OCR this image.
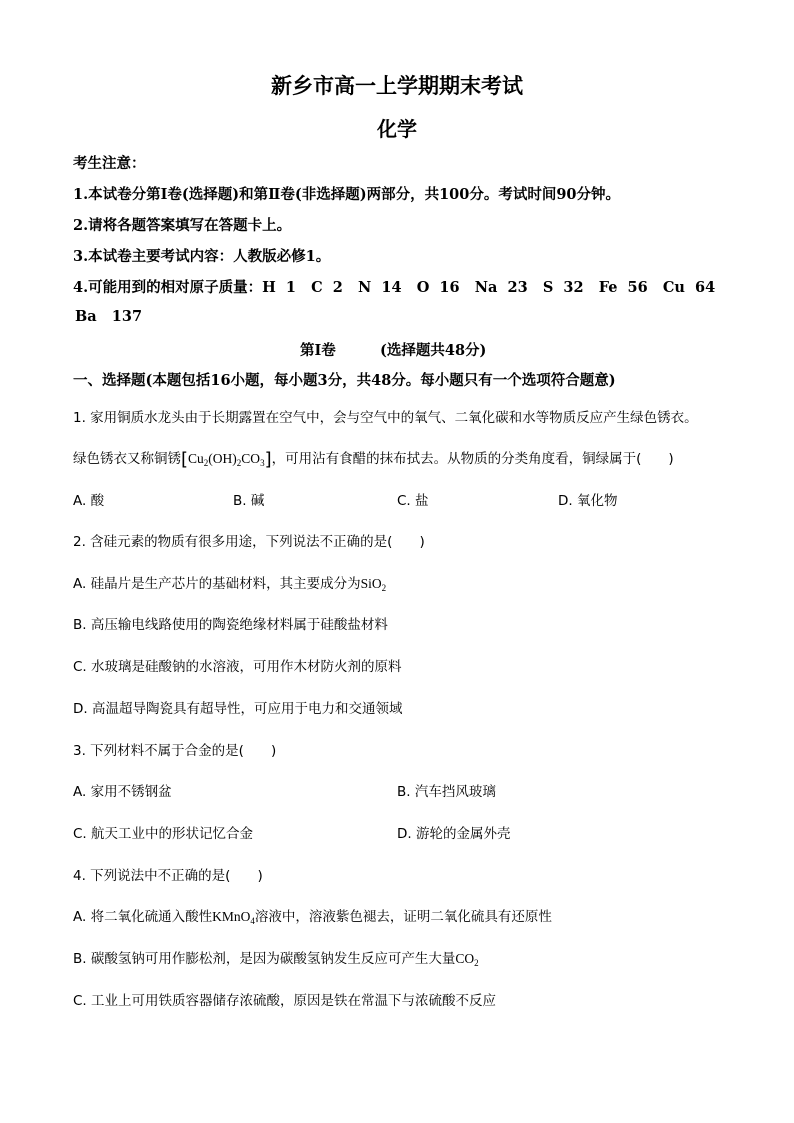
新乡市高一上学期期末考试
化学
考生注意：
1.本试卷分第Ⅰ卷(选择题)和第Ⅱ卷(非选择题)两部分，共100分。考试时间90分钟。
2.请将各题答案填写在答题卡上。
3.本试卷主要考试内容：人教版必修1。
4.可能用到的相对原子质量：H  1   C  2   N  14   O  16   Na  23   S  32   Fe  56   Cu  64
Ba   137
第Ⅰ卷	(选择题共48分)
一、选择题(本题包括16小题，每小题3分，共48分。每小题只有一个选项符合题意)
1. 家用铜质水龙头由于长期露置在空气中，会与空气中的氧气、二氧化碳和水等物质反应产生绿色锈衣。
绿色锈衣又称铜锈$[Cu_2(OH)_2CO_3]$，可用沾有食醋的抹布拭去。从物质的分类角度看，铜绿属于(　　)
A. 酸	B. 碱	C. 盐	D. 氧化物
2. 含硅元素的物质有很多用途，下列说法不正确的是(　　)
A. 硅晶片是生产芯片的基础材料，其主要成分为SiO$_2$
B. 高压输电线路使用的陶瓷绝缘材料属于硅酸盐材料
C. 水玻璃是硅酸钠的水溶液，可用作木材防火剂的原料
D. 高温超导陶瓷具有超导性，可应用于电力和交通领域
3. 下列材料不属于合金的是(　　)
A. 家用不锈钢盆	B. 汽车挡风玻璃
C. 航天工业中的形状记忆合金	D. 游轮的金属外壳
4. 下列说法中不正确的是(　　)
A. 将二氧化硫通入酸性KMnO$_4$溶液中，溶液紫色褪去，证明二氧化硫具有还原性
B. 碳酸氢钠可用作膨松剂，是因为碳酸氢钠发生反应可产生大量$CO_2$
C. 工业上可用铁质容器储存浓硫酸，原因是铁在常温下与浓硫酸不反应
